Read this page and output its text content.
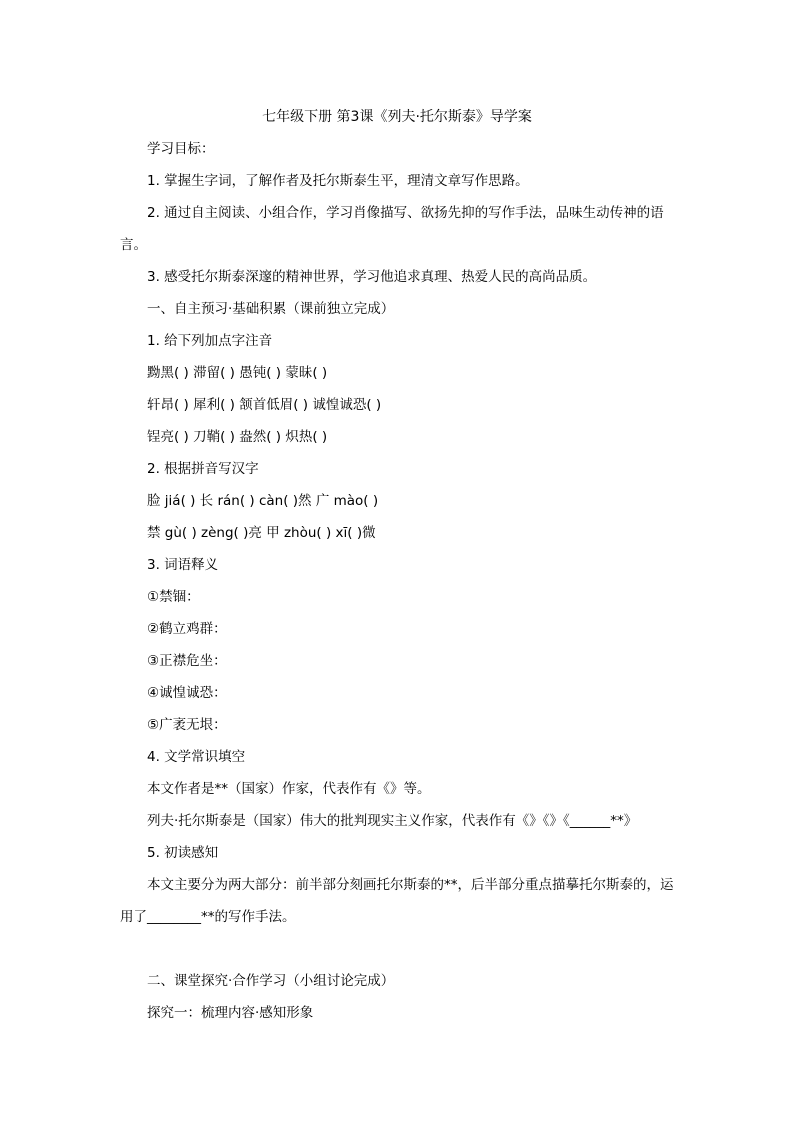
七年级下册 第3课《列夫·托尔斯泰》导学案
学习目标：
1. 掌握生字词，了解作者及托尔斯泰生平，理清文章写作思路。
2. 通过自主阅读、小组合作，学习肖像描写、欲扬先抑的写作手法，品味生动传神的语言。
3. 感受托尔斯泰深邃的精神世界，学习他追求真理、热爱人民的高尚品质。
一、自主预习·基础积累（课前独立完成）
1. 给下列加点字注音
黝黑( ) 滞留( ) 愚钝( ) 蒙昧( )
轩昂( ) 犀利( ) 颔首低眉( ) 诚惶诚恐( )
锃亮( ) 刀鞘( ) 盎然( ) 炽热( )
2. 根据拼音写汉字
脸 jiá( ) 长 rán( ) càn( )然 广 mào( )
禁 gù( ) zèng( )亮 甲 zhòu( ) xī( )微
3. 词语释义
①禁锢：
②鹤立鸡群：
③正襟危坐：
④诚惶诚恐：
⑤广袤无垠：
4. 文学常识填空
本文作者是**（国家）作家，代表作有《》等。
列夫·托尔斯泰是（国家）伟大的批判现实主义作家，代表作有《》《》《______**》
5. 初读感知
本文主要分为两大部分：前半部分刻画托尔斯泰的**，后半部分重点描摹托尔斯泰的，运用了________**的写作手法。
二、课堂探究·合作学习（小组讨论完成）
探究一：梳理内容·感知形象
